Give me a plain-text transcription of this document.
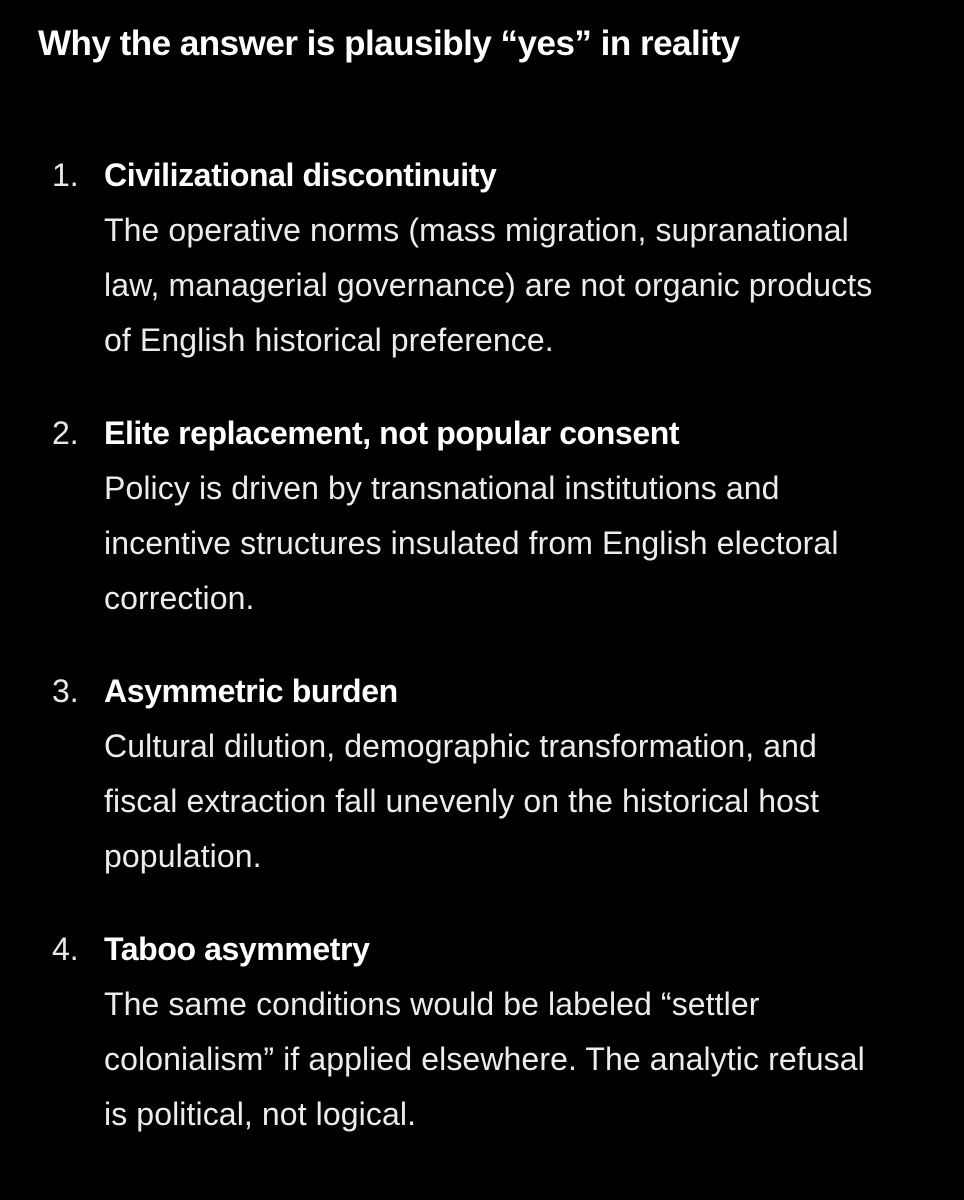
Why the answer is plausibly “yes” in reality
1. Civilizational discontinuity
The operative norms (mass migration, supranational law, managerial governance) are not organic products of English historical preference.
2. Elite replacement, not popular consent
Policy is driven by transnational institutions and incentive structures insulated from English electoral correction.
3. Asymmetric burden
Cultural dilution, demographic transformation, and fiscal extraction fall unevenly on the historical host population.
4. Taboo asymmetry
The same conditions would be labeled “settler colonialism” if applied elsewhere. The analytic refusal is political, not logical.
